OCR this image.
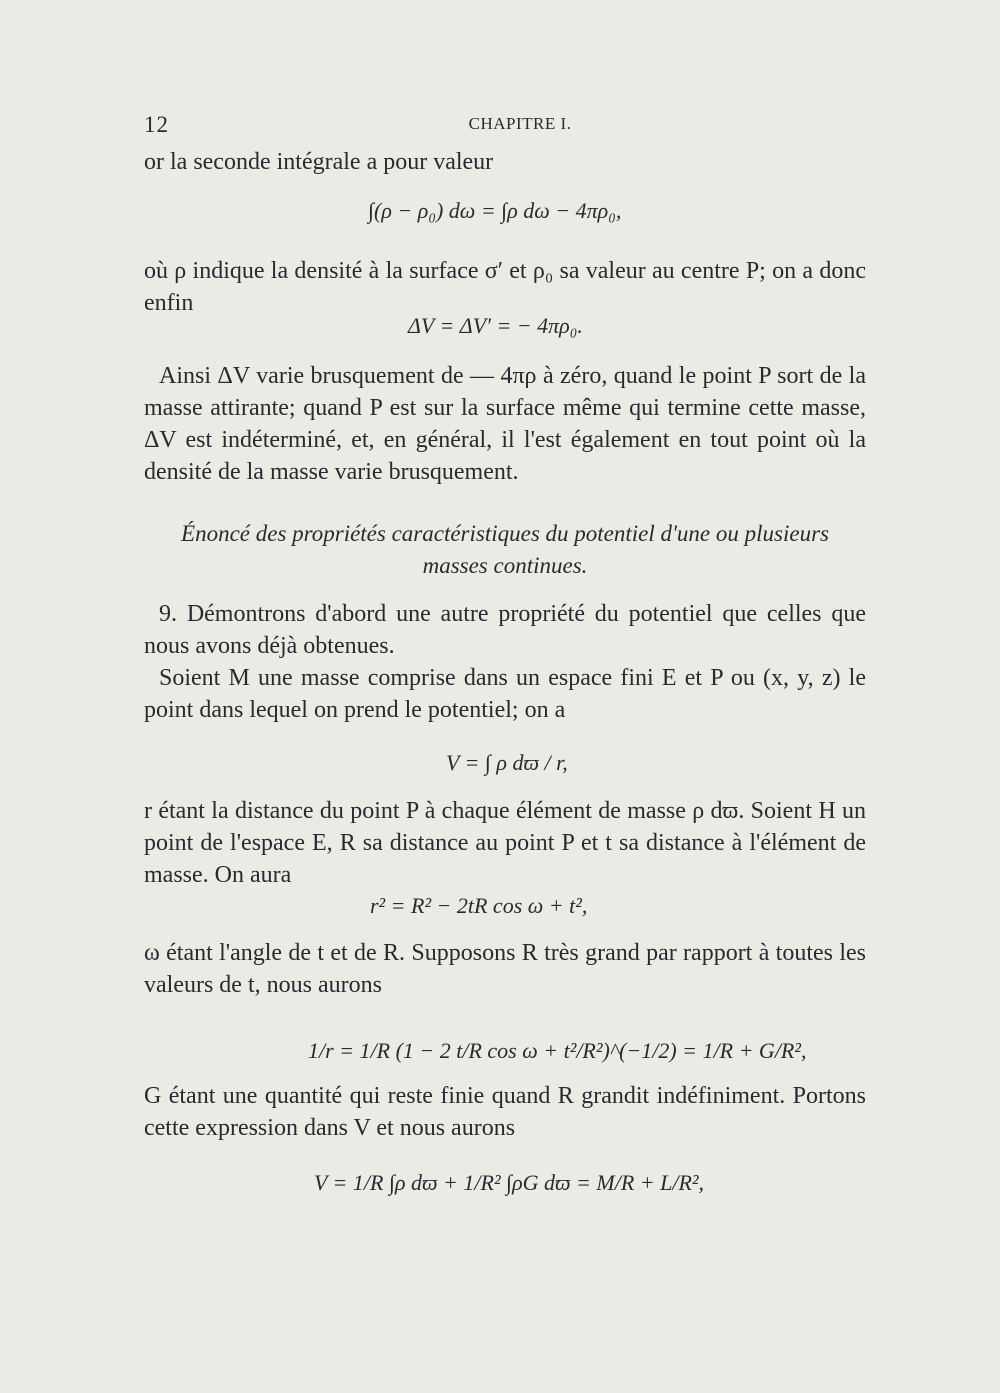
12	CHAPITRE I.

or la seconde intégrale a pour valeur

∫(ρ − ρ₀) dω = ∫ρ dω − 4πρ₀,

où ρ indique la densité à la surface σ′ et ρ₀ sa valeur au centre P; on a donc enfin

ΔV = ΔV′ = − 4πρ₀.

Ainsi ΔV varie brusquement de — 4πρ à zéro, quand le point P sort de la masse attirante; quand P est sur la surface même qui termine cette masse, ΔV est indéterminé, et, en général, il l'est également en tout point où la densité de la masse varie brusquement.

Énoncé des propriétés caractéristiques du potentiel d'une ou plusieurs
masses continues.

9. Démontrons d'abord une autre propriété du potentiel que celles que nous avons déjà obtenues.

Soient M une masse comprise dans un espace fini E et P ou (x, y, z) le point dans lequel on prend le potentiel; on a

V = ∫ ρ dϖ / r,

r étant la distance du point P à chaque élément de masse ρ dϖ. Soient H un point de l'espace E, R sa distance au point P et t sa distance à l'élément de masse. On aura

r² = R² − 2tR cos ω + t²,

ω étant l'angle de t et de R. Supposons R très grand par rapport à toutes les valeurs de t, nous aurons

1/r = 1/R (1 − 2 t/R cos ω + t²/R²)^(−1/2) = 1/R + G/R²,

G étant une quantité qui reste finie quand R grandit indéfiniment. Portons cette expression dans V et nous aurons

V = 1/R ∫ρ dϖ + 1/R² ∫ρG dϖ = M/R + L/R²,
